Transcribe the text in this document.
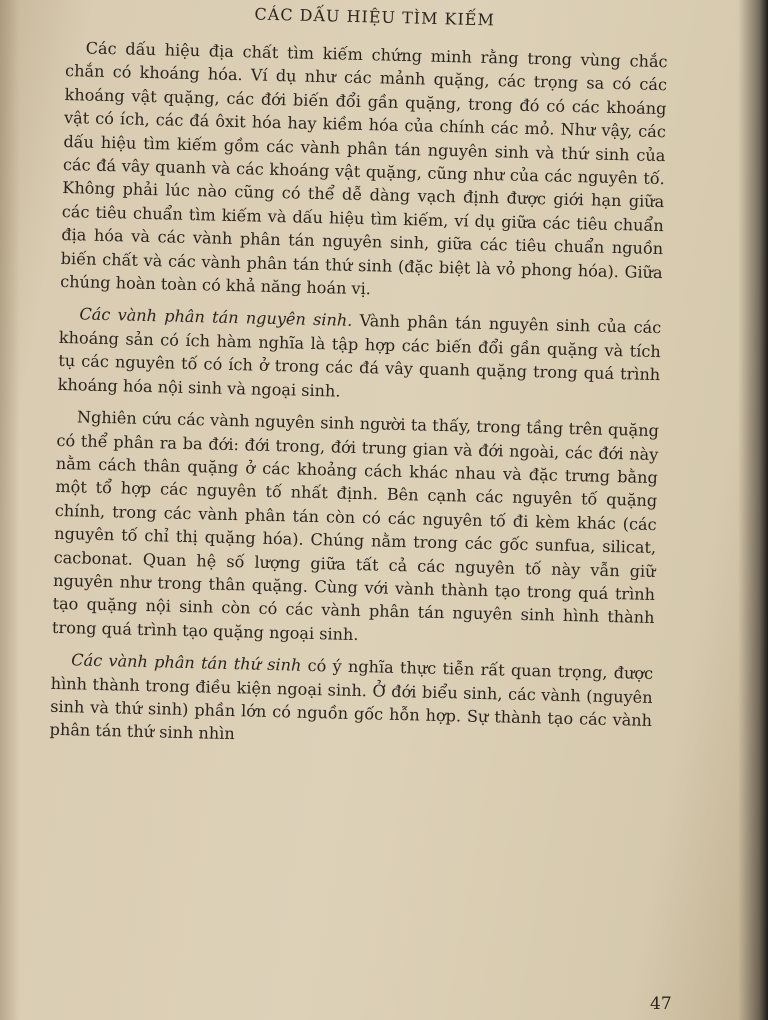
CÁC DẤU HIỆU TÌM KIẾM

Các dấu hiệu địa chất tìm kiếm chứng minh rằng trong vùng chắc chắn có khoáng hóa. Ví dụ như các mảnh quặng, các trọng sa có các khoáng vật quặng, các đới biến đổi gần quặng, trong đó có các khoáng vật có ích, các đá ôxit hóa hay kiềm hóa của chính các mỏ. Như vậy, các dấu hiệu tìm kiếm gồm các vành phân tán nguyên sinh và thứ sinh của các đá vây quanh và các khoáng vật quặng, cũng như của các nguyên tố. Không phải lúc nào cũng có thể dễ dàng vạch định được giới hạn giữa các tiêu chuẩn tìm kiếm và dấu hiệu tìm kiếm, ví dụ giữa các tiêu chuẩn địa hóa và các vành phân tán nguyên sinh, giữa các tiêu chuẩn nguồn biến chất và các vành phân tán thứ sinh (đặc biệt là vỏ phong hóa). Giữa chúng hoàn toàn có khả năng hoán vị.

Các vành phân tán nguyên sinh. Vành phân tán nguyên sinh của các khoáng sản có ích hàm nghĩa là tập hợp các biến đổi gần quặng và tích tụ các nguyên tố có ích ở trong các đá vây quanh quặng trong quá trình khoáng hóa nội sinh và ngoại sinh.

Nghiên cứu các vành nguyên sinh người ta thấy, trong tầng trên quặng có thể phân ra ba đới: đới trong, đới trung gian và đới ngoài, các đới này nằm cách thân quặng ở các khoảng cách khác nhau và đặc trưng bằng một tổ hợp các nguyên tố nhất định. Bên cạnh các nguyên tố quặng chính, trong các vành phân tán còn có các nguyên tố đi kèm khác (các nguyên tố chỉ thị quặng hóa). Chúng nằm trong các gốc sunfua, silicat, cacbonat. Quan hệ số lượng giữa tất cả các nguyên tố này vẫn giữ nguyên như trong thân quặng. Cùng với vành thành tạo trong quá trình tạo quặng nội sinh còn có các vành phân tán nguyên sinh hình thành trong quá trình tạo quặng ngoại sinh.

Các vành phân tán thứ sinh có ý nghĩa thực tiễn rất quan trọng, được hình thành trong điều kiện ngoại sinh. Ở đới biểu sinh, các vành (nguyên sinh và thứ sinh) phần lớn có nguồn gốc hỗn hợp. Sự thành tạo các vành phân tán thứ sinh nhìn

47
